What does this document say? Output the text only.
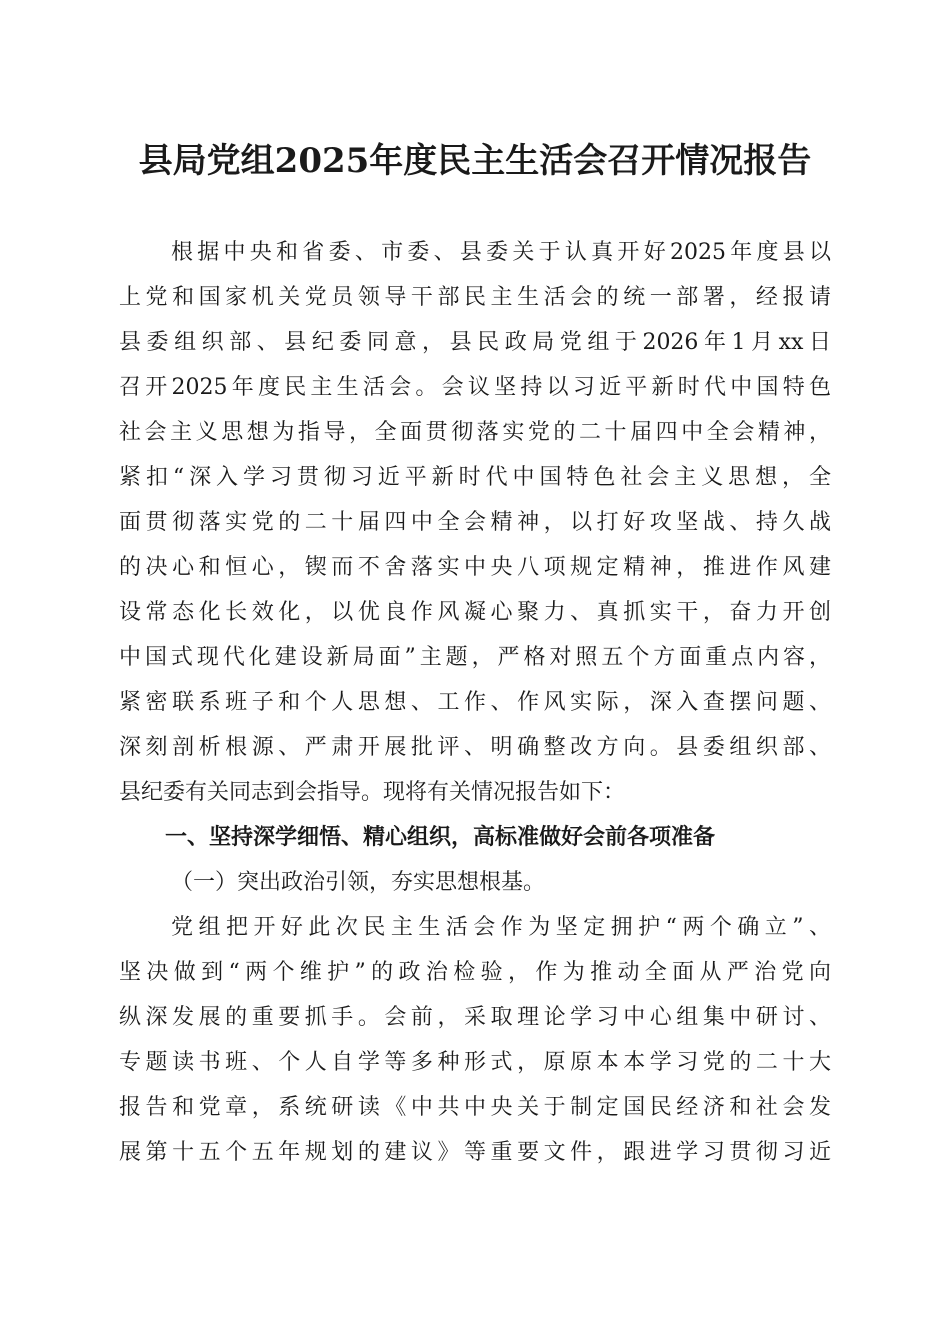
县局党组2025年度民主生活会召开情况报告
根据中央和省委、市委、县委关于认真开好2025年度县以
上党和国家机关党员领导干部民主生活会的统一部署，经报请
县委组织部、县纪委同意，县民政局党组于2026年1月xx日
召开2025年度民主生活会。会议坚持以习近平新时代中国特色
社会主义思想为指导，全面贯彻落实党的二十届四中全会精神，
紧扣“深入学习贯彻习近平新时代中国特色社会主义思想，全
面贯彻落实党的二十届四中全会精神，以打好攻坚战、持久战
的决心和恒心，锲而不舍落实中央八项规定精神，推进作风建
设常态化长效化，以优良作风凝心聚力、真抓实干，奋力开创
中国式现代化建设新局面”主题，严格对照五个方面重点内容，
紧密联系班子和个人思想、工作、作风实际，深入查摆问题、
深刻剖析根源、严肃开展批评、明确整改方向。县委组织部、
县纪委有关同志到会指导。现将有关情况报告如下：
一、坚持深学细悟、精心组织，高标准做好会前各项准备
（一）突出政治引领，夯实思想根基。
党组把开好此次民主生活会作为坚定拥护“两个确立”、
坚决做到“两个维护”的政治检验，作为推动全面从严治党向
纵深发展的重要抓手。会前，采取理论学习中心组集中研讨、
专题读书班、个人自学等多种形式，原原本本学习党的二十大
报告和党章，系统研读《中共中央关于制定国民经济和社会发
展第十五个五年规划的建议》等重要文件，跟进学习贯彻习近
